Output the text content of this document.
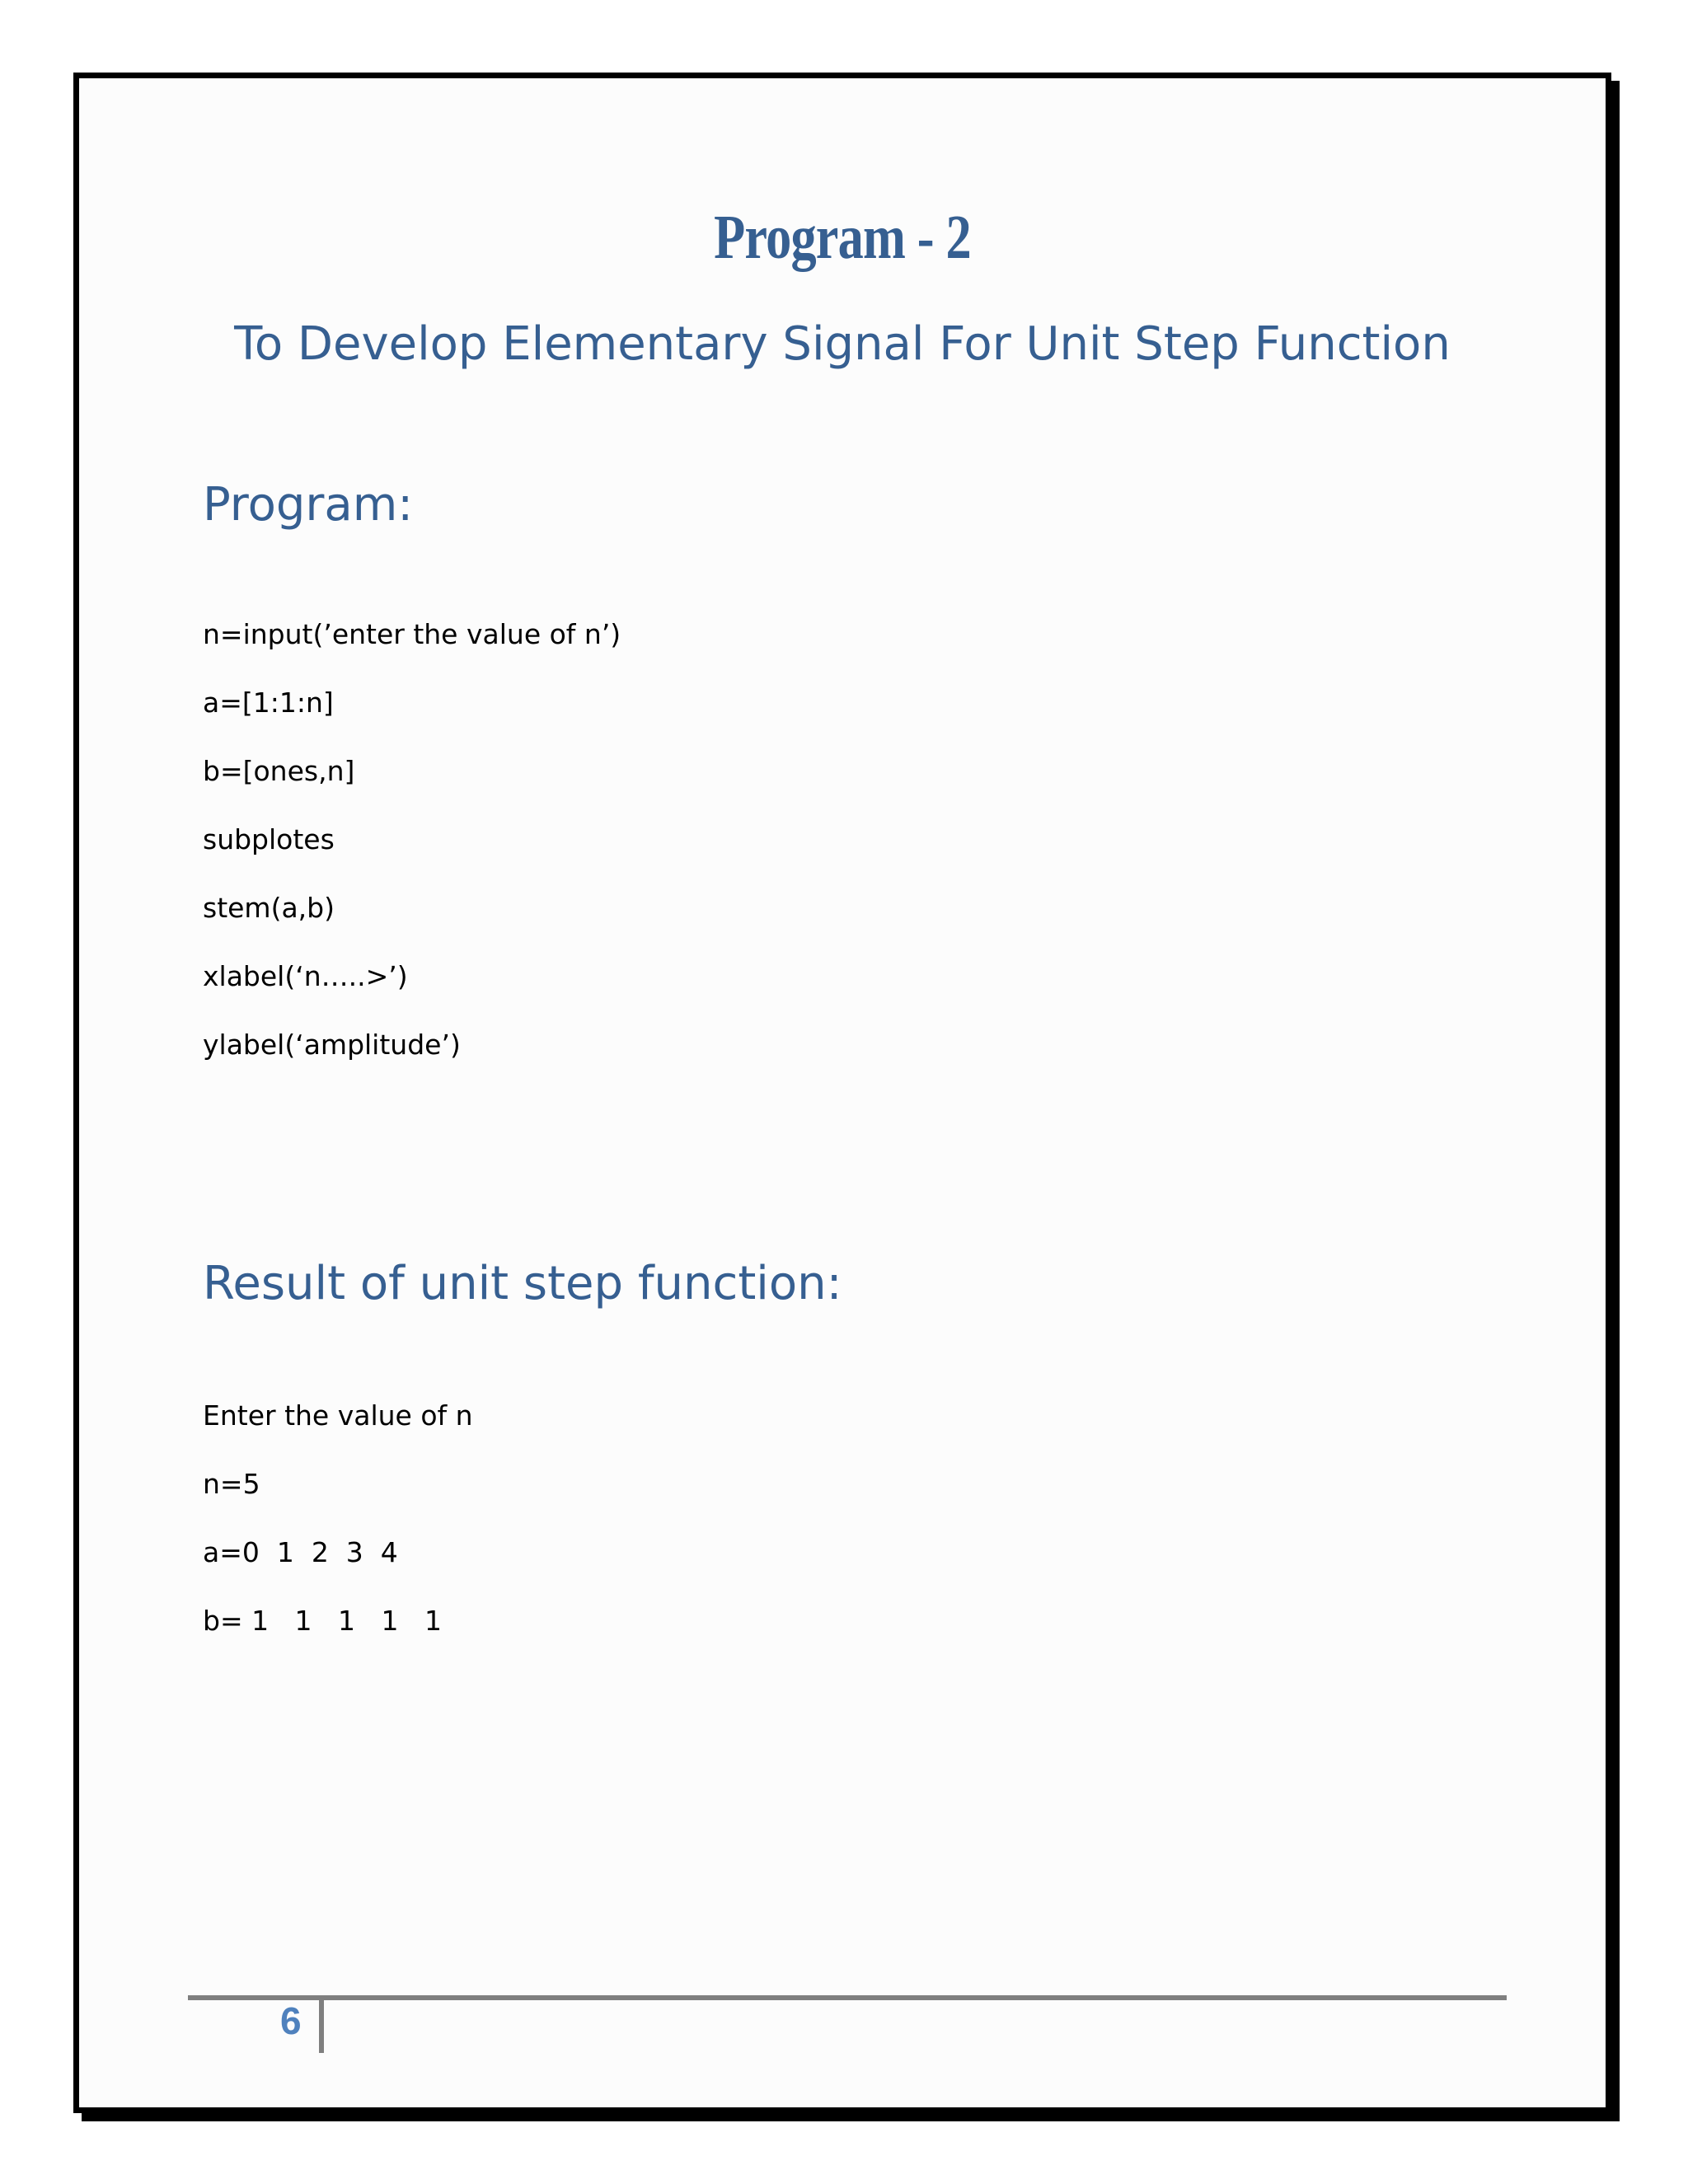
Program - 2
To Develop Elementary Signal For Unit Step Function
Program:
n=input(’enter the value of n’)
a=[1:1:n]
b=[ones,n]
subplotes
stem(a,b)
xlabel(‘n…..>’)
ylabel(‘amplitude’)
Result of unit step function:
Enter the value of n
n=5
a=0  1  2  3  4
b= 1   1   1   1   1
6
